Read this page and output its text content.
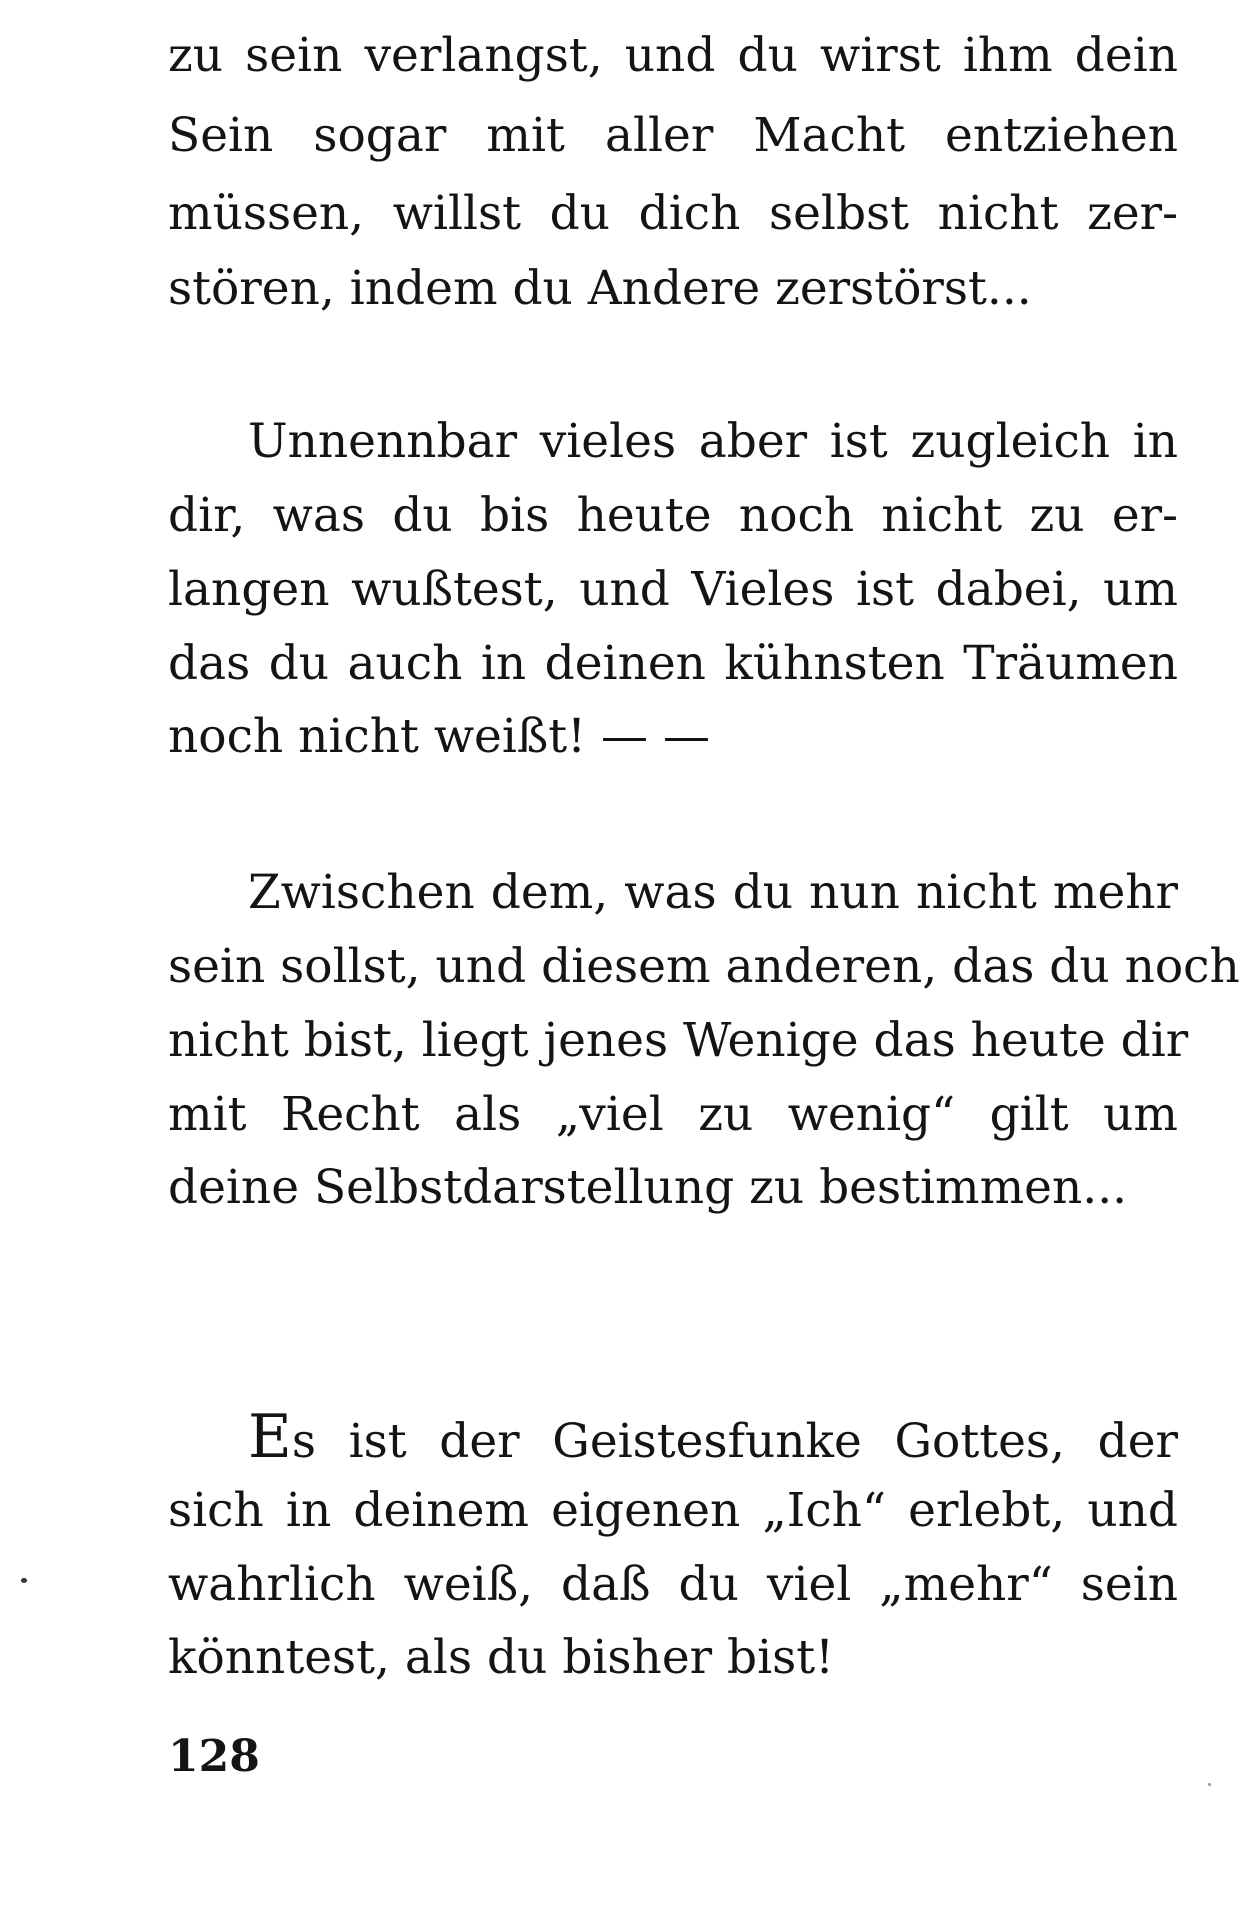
zu sein verlangst, und du wirst ihm dein
Sein sogar mit aller Macht entziehen
müssen, willst du dich selbst nicht zer-
stören, indem du Andere zerstörst...
Unnennbar vieles aber ist zugleich in
dir, was du bis heute noch nicht zu er-
langen wußtest, und Vieles ist dabei, um
das du auch in deinen kühnsten Träumen
noch nicht weißt! — —
Zwischen dem, was du nun nicht mehr
sein sollst, und diesem anderen, das du noch
nicht bist, liegt jenes Wenige das heute dir
mit Recht als „viel zu wenig“ gilt um
deine Selbstdarstellung zu bestimmen...
Es ist der Geistesfunke Gottes, der
sich in deinem eigenen „Ich“ erlebt, und
wahrlich weiß, daß du viel „mehr“ sein
könntest, als du bisher bist!
128
